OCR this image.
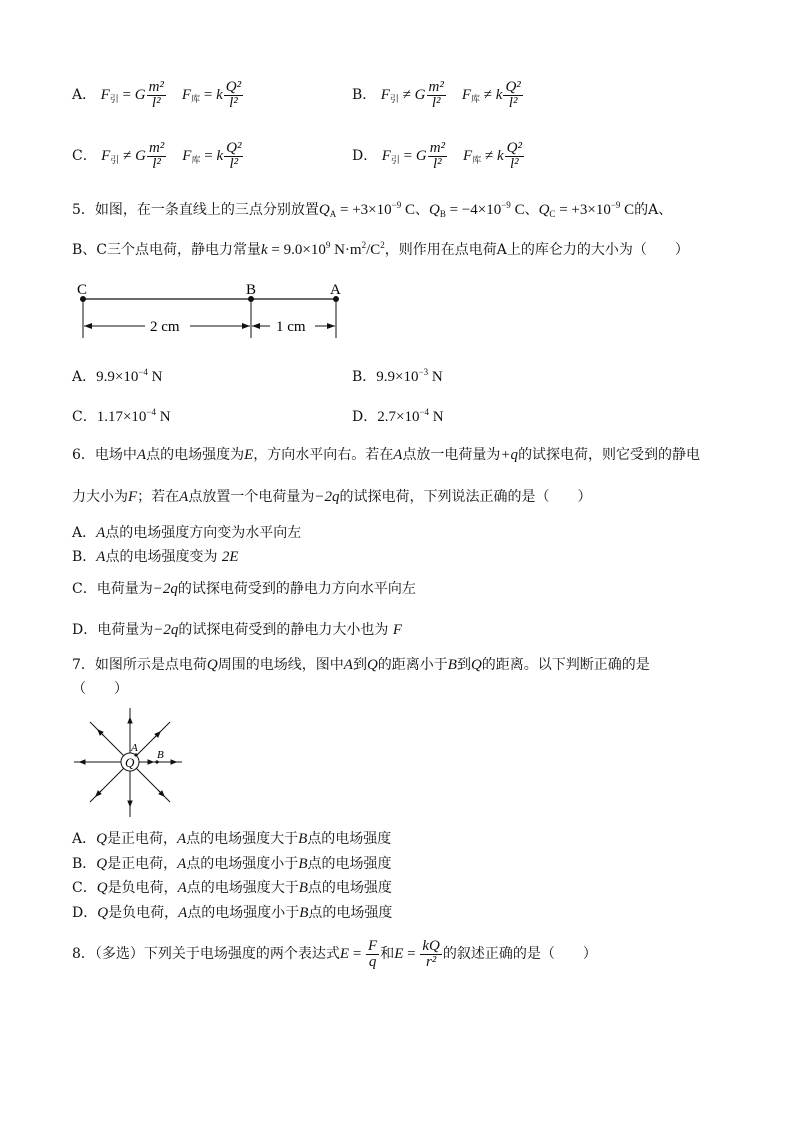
A． $F_引 = G \frac{\text{m²}}{\text{l²}} F_库 = k \frac{\text{Q²}}{\text{l²}}$	B． $F_引 \ne G \frac{\text{m²}}{\text{l²}} F_库 \ne k \frac{\text{Q²}}{\text{l²}}$
C． $F_引 \ne G \frac{\text{m²}}{\text{l²}} F_库 = k \frac{\text{Q²}}{\text{l²}}$	D． $F_引 = G \frac{\text{m²}}{\text{l²}} F_库 \ne k \frac{\text{Q²}}{\text{l²}}$
5．如图，在一条直线上的三点分别放置$Q_A = +3\times 10^{-9}$ C、$Q_B = -4\times 10^{-9}$ C、$Q_C = +3\times 10^{-9}$ C的A、
B、C三个点电荷，静电力常量$k = 9.0\times 10^9$ $N\cdot m^2/C^2$，则作用在点电荷A上的库仑力的大小为（　　）
C	B	A
2 cm	1 cm
A．$9.9\times 10^{-4}$ N	B．$9.9\times 10^{-3}$ N
C．$1.17\times 10^{-4}$ N	D．$2.7\times 10^{-4}$ N
6．电场中A点的电场强度为E，方向水平向右。若在A点放一电荷量为+q的试探电荷，则它受到的静电
力大小为F；若在A点放置一个电荷量为−2q的试探电荷，下列说法正确的是（　　）
A．A点的电场强度方向变为水平向左
B．A点的电场强度变为 2E
C．电荷量为−2q的试探电荷受到的静电力方向水平向左
D．电荷量为−2q的试探电荷受到的静电力大小也为 F
7．如图所示是点电荷Q周围的电场线，图中A到Q的距离小于B到Q的距离。以下判断正确的是
（　　）
Q
A
B
A．Q是正电荷，A点的电场强度大于B点的电场强度
B．Q是正电荷，A点的电场强度小于B点的电场强度
C．Q是负电荷，A点的电场强度大于B点的电场强度
D．Q是负电荷，A点的电场强度小于B点的电场强度
8．（多选）下列关于电场强度的两个表达式$E = \frac{F}{q}$ 和$E = \frac{kQ}{\text{r²}}$ 的叙述正确的是（　　）
